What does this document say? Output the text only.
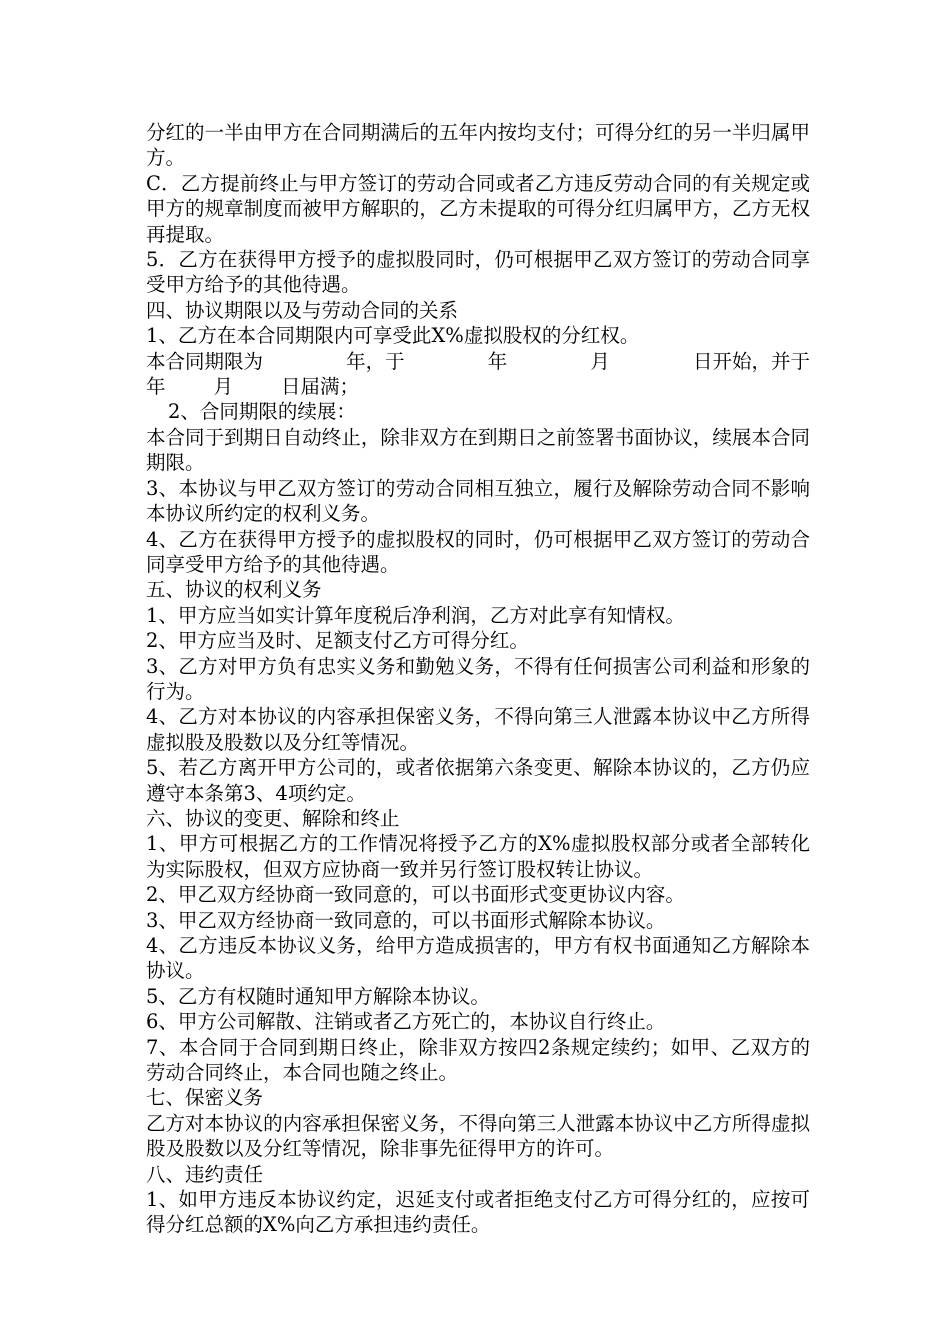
分红的一半由甲方在合同期满后的五年内按均支付；可得分红的另一半归属甲方。

C．乙方提前终止与甲方签订的劳动合同或者乙方违反劳动合同的有关规定或甲方的规章制度而被甲方解职的，乙方未提取的可得分红归属甲方，乙方无权再提取。

5．乙方在获得甲方授予的虚拟股同时，仍可根据甲乙双方签订的劳动合同享受甲方给予的其他待遇。

四、协议期限以及与劳动合同的关系

1、乙方在本合同期限内可享受此X%虚拟股权的分红权。

本合同期限为	年，于	年	月	日开始，并于
年 月 日届满；

2、合同期限的续展：

本合同于到期日自动终止，除非双方在到期日之前签署书面协议，续展本合同期限。

3、本协议与甲乙双方签订的劳动合同相互独立，履行及解除劳动合同不影响本协议所约定的权利义务。

4、乙方在获得甲方授予的虚拟股权的同时，仍可根据甲乙双方签订的劳动合同享受甲方给予的其他待遇。

五、协议的权利义务

1、甲方应当如实计算年度税后净利润，乙方对此享有知情权。

2、甲方应当及时、足额支付乙方可得分红。

3、乙方对甲方负有忠实义务和勤勉义务，不得有任何损害公司利益和形象的行为。

4、乙方对本协议的内容承担保密义务，不得向第三人泄露本协议中乙方所得虚拟股及股数以及分红等情况。

5、若乙方离开甲方公司的，或者依据第六条变更、解除本协议的，乙方仍应遵守本条第3、4项约定。

六、协议的变更、解除和终止

1、甲方可根据乙方的工作情况将授予乙方的X%虚拟股权部分或者全部转化为实际股权，但双方应协商一致并另行签订股权转让协议。

2、甲乙双方经协商一致同意的，可以书面形式变更协议内容。

3、甲乙双方经协商一致同意的，可以书面形式解除本协议。

4、乙方违反本协议义务，给甲方造成损害的，甲方有权书面通知乙方解除本协议。

5、乙方有权随时通知甲方解除本协议。

6、甲方公司解散、注销或者乙方死亡的，本协议自行终止。

7、本合同于合同到期日终止，除非双方按四2条规定续约；如甲、乙双方的劳动合同终止，本合同也随之终止。

七、保密义务

乙方对本协议的内容承担保密义务，不得向第三人泄露本协议中乙方所得虚拟股及股数以及分红等情况，除非事先征得甲方的许可。

八、违约责任

1、如甲方违反本协议约定，迟延支付或者拒绝支付乙方可得分红的，应按可得分红总额的X%向乙方承担违约责任。
